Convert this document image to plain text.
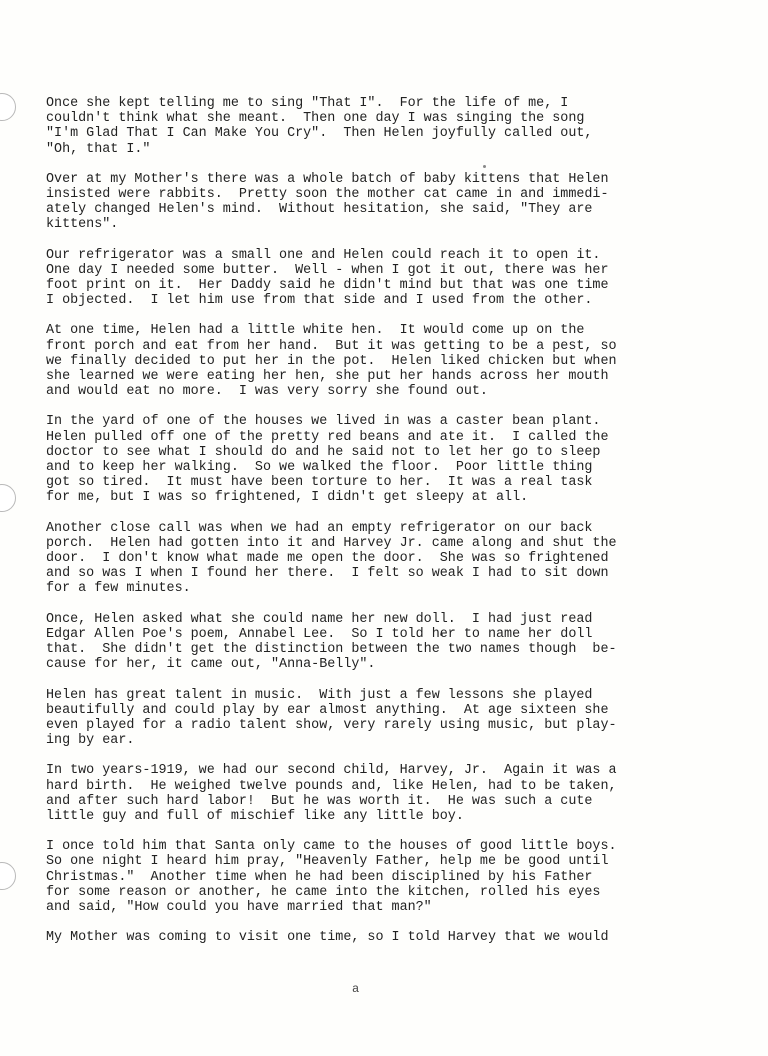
Once she kept telling me to sing "That I".  For the life of me, I
couldn't think what she meant.  Then one day I was singing the song
"I'm Glad That I Can Make You Cry".  Then Helen joyfully called out,
"Oh, that I."
Over at my Mother's there was a whole batch of baby kittens that Helen
insisted were rabbits.  Pretty soon the mother cat came in and immedi-
ately changed Helen's mind.  Without hesitation, she said, "They are
kittens".
Our refrigerator was a small one and Helen could reach it to open it.
One day I needed some butter.  Well - when I got it out, there was her
foot print on it.  Her Daddy said he didn't mind but that was one time
I objected.  I let him use from that side and I used from the other.
At one time, Helen had a little white hen.  It would come up on the
front porch and eat from her hand.  But it was getting to be a pest, so
we finally decided to put her in the pot.  Helen liked chicken but when
she learned we were eating her hen, she put her hands across her mouth
and would eat no more.  I was very sorry she found out.
In the yard of one of the houses we lived in was a caster bean plant.
Helen pulled off one of the pretty red beans and ate it.  I called the
doctor to see what I should do and he said not to let her go to sleep
and to keep her walking.  So we walked the floor.  Poor little thing
got so tired.  It must have been torture to her.  It was a real task
for me, but I was so frightened, I didn't get sleepy at all.
Another close call was when we had an empty refrigerator on our back
porch.  Helen had gotten into it and Harvey Jr. came along and shut the
door.  I don't know what made me open the door.  She was so frightened
and so was I when I found her there.  I felt so weak I had to sit down
for a few minutes.
Once, Helen asked what she could name her new doll.  I had just read
Edgar Allen Poe's poem, Annabel Lee.  So I told her to name her doll
that.  She didn't get the distinction between the two names though  be-
cause for her, it came out, "Anna-Belly".
Helen has great talent in music.  With just a few lessons she played
beautifully and could play by ear almost anything.  At age sixteen she
even played for a radio talent show, very rarely using music, but play-
ing by ear.
In two years-1919, we had our second child, Harvey, Jr.  Again it was a
hard birth.  He weighed twelve pounds and, like Helen, had to be taken,
and after such hard labor!  But he was worth it.  He was such a cute
little guy and full of mischief like any little boy.
I once told him that Santa only came to the houses of good little boys.
So one night I heard him pray, "Heavenly Father, help me be good until
Christmas."  Another time when he had been disciplined by his Father
for some reason or another, he came into the kitchen, rolled his eyes
and said, "How could you have married that man?"
My Mother was coming to visit one time, so I told Harvey that we would
a
